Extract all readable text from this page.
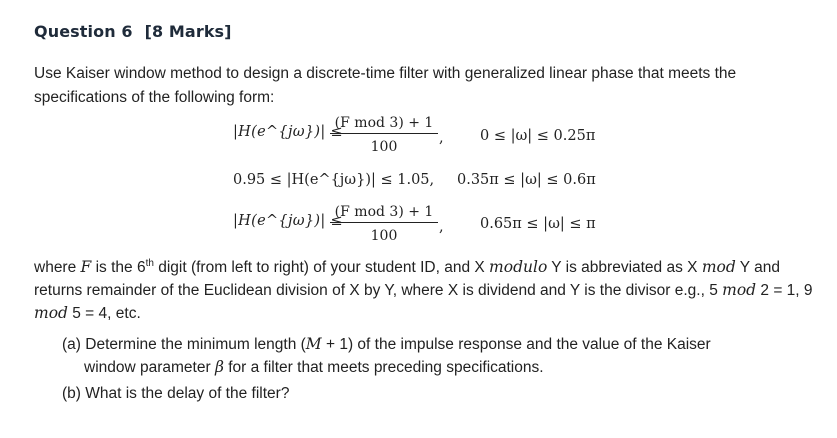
Question 6 [8 Marks]
Use Kaiser window method to design a discrete-time filter with generalized linear phase that meets the specifications of the following form:
|H(e^{jω})| ≤
(F mod 3) + 1
100
,	0 ≤ |ω| ≤ 0.25π
0.95 ≤ |H(e^{jω})| ≤ 1.05, 0.35π ≤ |ω| ≤ 0.6π
|H(e^{jω})| ≤
(F mod 3) + 1
100
,	0.65π ≤ |ω| ≤ π
where F is the 6th digit (from left to right) of your student ID, and X modulo Y is abbreviated as X mod Y and returns remainder of the Euclidean division of X by Y, where X is dividend and Y is the divisor e.g., 5 mod 2 = 1, 9 mod 5 = 4, etc.
(a) Determine the minimum length (M + 1) of the impulse response and the value of the Kaiser
window parameter β for a filter that meets preceding specifications.
(b) What is the delay of the filter?
